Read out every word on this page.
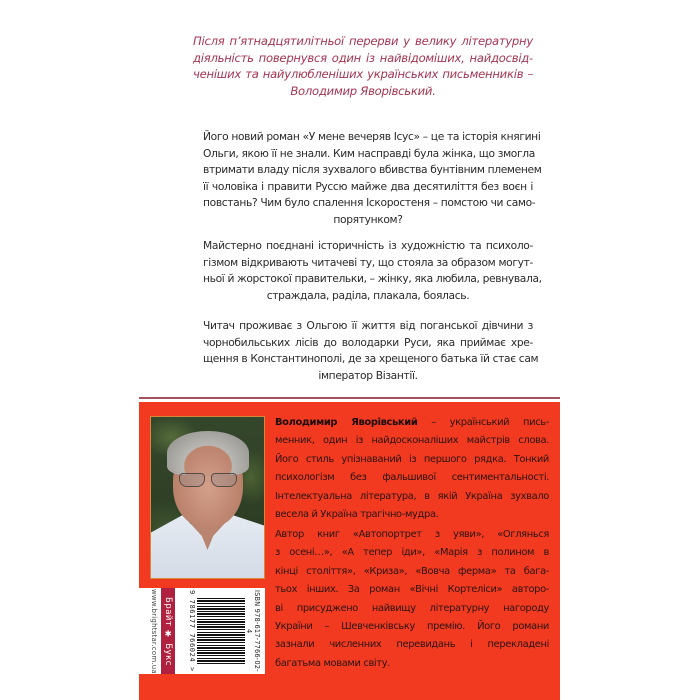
Після п’ятнадцятилітньої перерви у велику літературну
діяльність повернувся один із найвідоміших, найдосвід-
ченіших та найулюбленіших українських письменників –
Володимир Яворівський.
Його новий роман «У мене вечеряв Ісус» – це та історія княгині
Ольги, якою її не знали. Ким насправді була жінка, що змогла
втримати владу після зухвалого вбивства бунтівним племенем
її чоловіка і правити Руссю майже два десятиліття без воєн і
повстань? Чим було спалення Іскоростеня – помстою чи само-
порятунком?
Майстерно поєднані історичність із художністю та психоло-
гізмом відкривають читачеві ту, що стояла за образом могут-
ньої й жорстокої правительки, – жінку, яка любила, ревнувала,
страждала, раділа, плакала, боялась.
Читач проживає з Ольгою її життя від поганської дівчини з
чорнобильських лісів до володарки Руси, яка приймає хре-
щення в Константинополі, де за хрещеного батька їй стає сам
імператор Візантії.
Володимир Яворівський – український пись-
менник, один із найдосконаліших майстрів слова.
Його стиль упізнаваний із першого рядка. Тонкий
психологізм без фальшивої сентиментальності.
Інтелектуальна література, в якій Україна зухвало
весела й Україна трагічно-мудра.
Автор книг «Автопортрет з уяви», «Оглянься
з осені…», «А тепер іди», «Марія з полином в
кінці століття», «Криза», «Вовча ферма» та бага-
тьох інших. За роман «Вічні Кортеліси» авторо-
ві присуджено найвищу літературну нагороду
України – Шевченківську премію. Його романи
зазнали численних перевидань і перекладені
багатьма мовами світу.
www.brightstar.com.ua Брайт ✱ Букс	9 786177 766024 >	ISBN 978-617-7766-02-4
